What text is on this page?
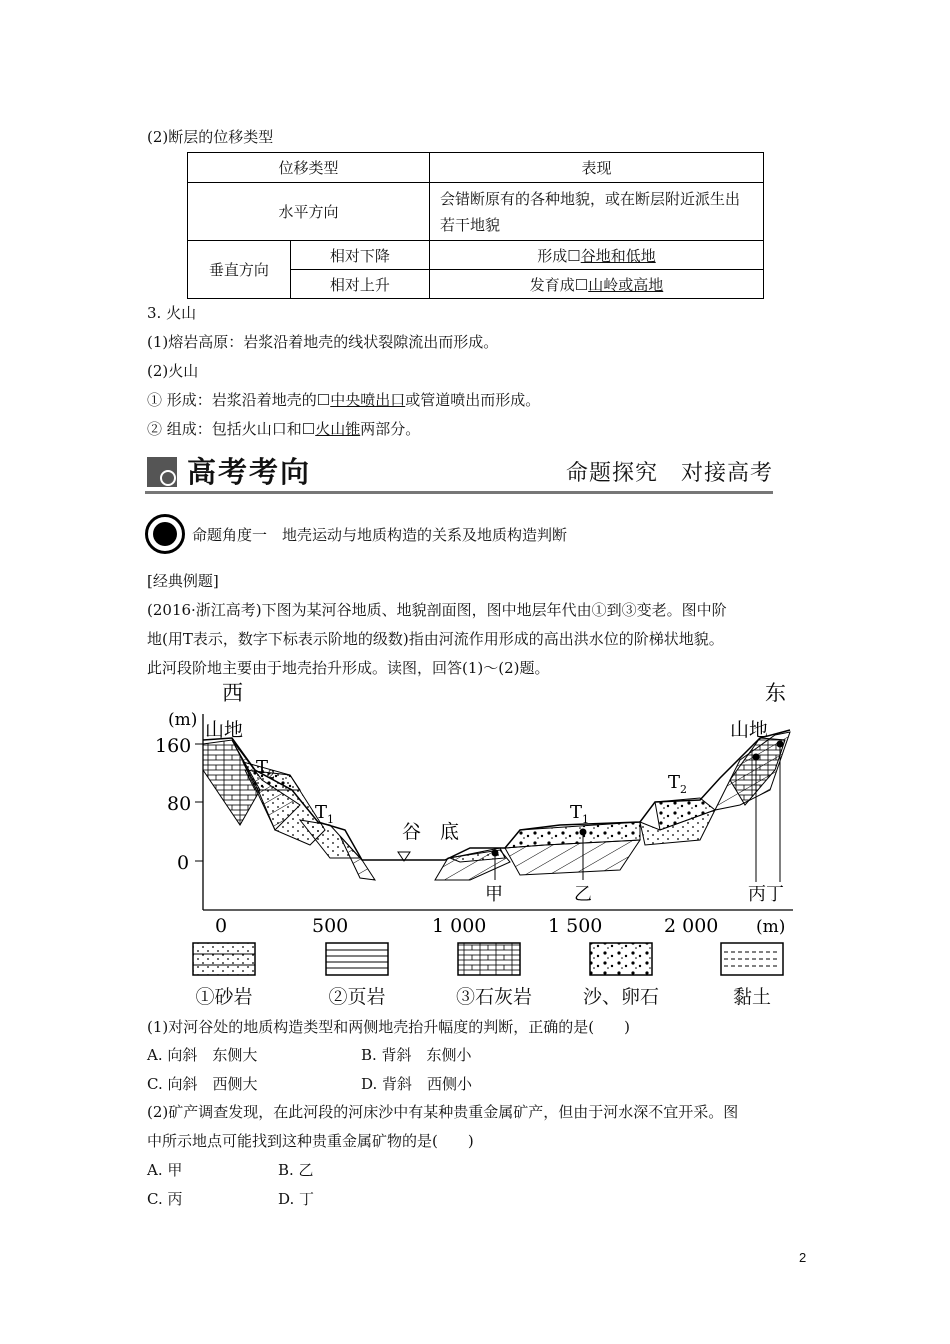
(2)断层的位移类型
位移类型		表现
水平方向		会错断原有的各种地貌，或在断层附近派生出若干地貌
垂直方向	相对下降	形成☐谷地和低地
	相对上升	发育成☐山岭或高地
3. 火山
(1)熔岩高原：岩浆沿着地壳的线状裂隙流出而形成。
(2)火山
① 形成：岩浆沿着地壳的☐中央喷出口或管道喷出而形成。
② 组成：包括火山口和☐火山锥两部分。
高考考向	命题探究　对接高考
命题角度一　地壳运动与地质构造的关系及地质构造判断
[经典例题]
(2016·浙江高考)下图为某河谷地质、地貌剖面图，图中地层年代由①到③变老。图中阶
地(用T表示，数字下标表示阶地的级数)指由河流作用形成的高出洪水位的阶梯状地貌。
此河段阶地主要由于地壳抬升形成。读图，回答(1)～(2)题。
西	东
(m)
160
80
0
0	500	1 000	1 500	2 000 (m)
山地	山地
谷　底
T 2
T 1	T 1
T 2
甲	乙	丙丁
①砂岩	②页岩	③石灰岩	沙、卵石	黏土
(1)对河谷处的地质构造类型和两侧地壳抬升幅度的判断，正确的是(　　)
A. 向斜　东侧大	B. 背斜　东侧小
C. 向斜　西侧大	D. 背斜　西侧小
(2)矿产调查发现，在此河段的河床沙中有某种贵重金属矿产，但由于河水深不宜开采。图
中所示地点可能找到这种贵重金属矿物的是(　　)
A. 甲	B. 乙
C. 丙	D. 丁
2
